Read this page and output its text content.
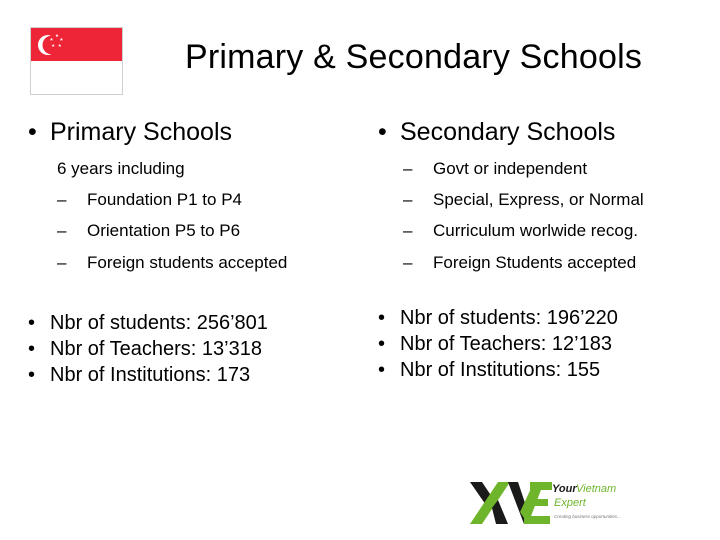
Primary & Secondary Schools
• Primary Schools
6 years including
– Foundation P1 to P4
– Orientation P5 to P6
– Foreign students accepted
• Nbr of students: 256’801
• Nbr of Teachers: 13’318
• Nbr of Institutions: 173
• Secondary Schools
– Govt or independent
– Special, Express, or Normal
– Curriculum worlwide recog.
– Foreign Students accepted
• Nbr of students: 196’220
• Nbr of Teachers: 12’183
• Nbr of Institutions: 155
Your Vietnam
Expert
Creating business opportunities...
